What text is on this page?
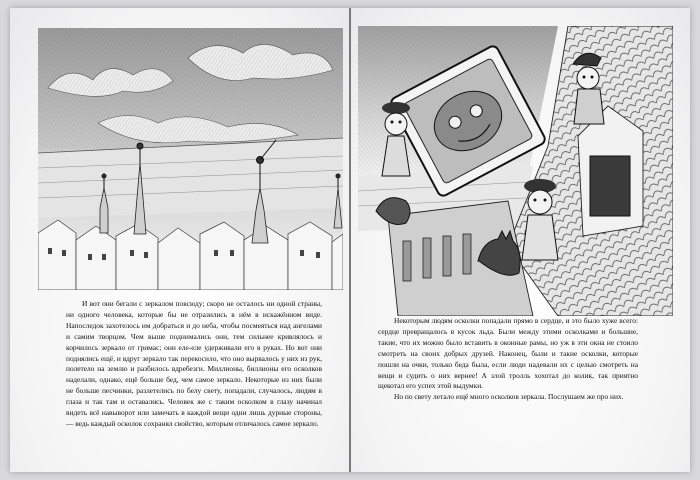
И вот они бегали с зеркалом повсюду; скоро не осталось ни одной страны, ни одного человека, которые бы не отразились в нём в искажённом виде. Напоследок захотелось им добраться и до неба, чтобы посмеяться над ангелами и самим творцом. Чем выше поднимались они, тем сильнее кривлялось и корчилось зеркало от гримас; они еле-еле удерживали его в руках. Но вот они поднялись ещё, и вдруг зеркало так перекосило, что оно вырвалось у них из рук, полетело на землю и разбилось вдребезги. Миллионы, биллионы его осколков наделали, однако, ещё больше бед, чем самое зеркало. Некоторые из них были не больше песчинки, разлетелись по белу свету, попадали, случалось, людям в глаза и так там и оставались. Человек же с таким осколком в глазу начинал видеть всё навыворот или замечать в каждой вещи одни лишь дурные стороны, — ведь каждый осколок сохранял свойство, которым отличалось самое зеркало.

Некоторым людям осколки попадали прямо в сердце, и это было хуже всего: сердце превращалось в кусок льда. Были между этими осколками и большие, такие, что их можно было вставить в оконные рамы, но уж в эти окна не стоило смотреть на своих добрых друзей. Наконец, были и такие осколки, которые пошли на очки, только беда была, если люди надевали их с целью смотреть на вещи и судить о них вернее! А злой тролль хохотал до колик, так приятно щекотал его успех этой выдумки.

Но по свету летало ещё много осколков зеркала. Послушаем же про них.
